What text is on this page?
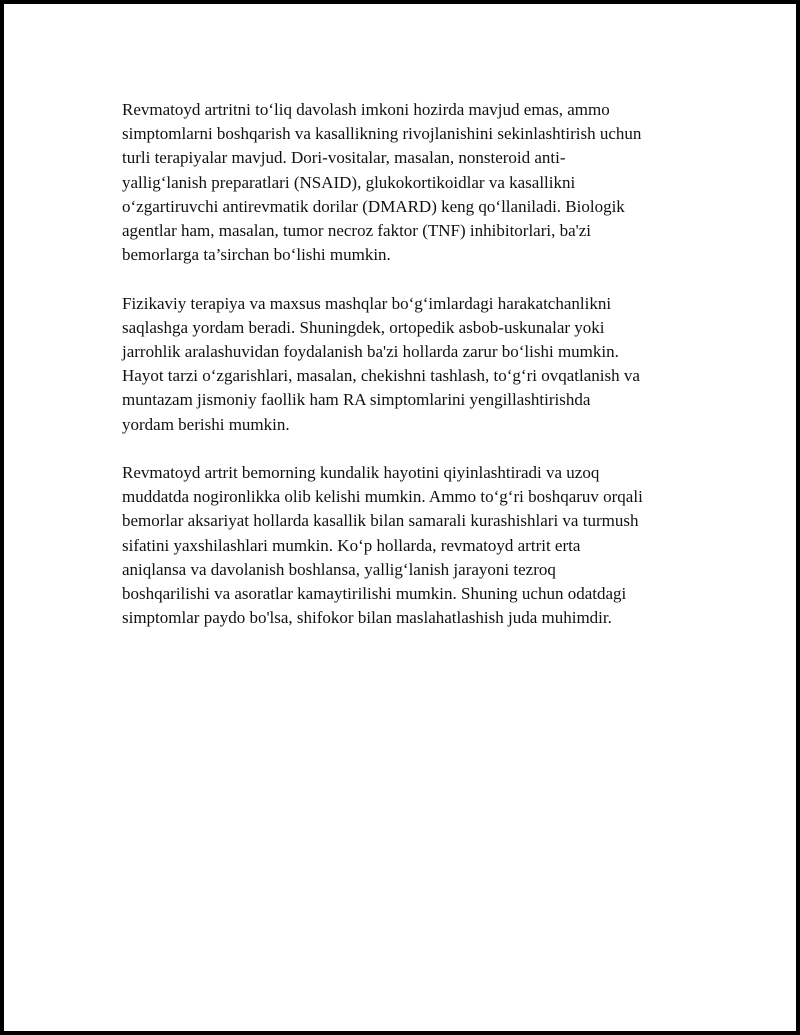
Revmatoyd artritni to‘liq davolash imkoni hozirda mavjud emas, ammo
simptomlarni boshqarish va kasallikning rivojlanishini sekinlashtirish uchun
turli terapiyalar mavjud. Dori-vositalar, masalan, nonsteroid anti-
yallig‘lanish preparatlari (NSAID), glukokortikoidlar va kasallikni
o‘zgartiruvchi antirevmatik dorilar (DMARD) keng qo‘llaniladi. Biologik
agentlar ham, masalan, tumor necroz faktor (TNF) inhibitorlari, ba'zi
bemorlarga ta’sirchan bo‘lishi mumkin.

Fizikaviy terapiya va maxsus mashqlar bo‘g‘imlardagi harakatchanlikni
saqlashga yordam beradi. Shuningdek, ortopedik asbob-uskunalar yoki
jarrohlik aralashuvidan foydalanish ba'zi hollarda zarur bo‘lishi mumkin.
Hayot tarzi o‘zgarishlari, masalan, chekishni tashlash, to‘g‘ri ovqatlanish va
muntazam jismoniy faollik ham RA simptomlarini yengillashtirishda
yordam berishi mumkin.

Revmatoyd artrit bemorning kundalik hayotini qiyinlashtiradi va uzoq
muddatda nogironlikka olib kelishi mumkin. Ammo to‘g‘ri boshqaruv orqali
bemorlar aksariyat hollarda kasallik bilan samarali kurashishlari va turmush
sifatini yaxshilashlari mumkin. Ko‘p hollarda, revmatoyd artrit erta
aniqlansa va davolanish boshlansa, yallig‘lanish jarayoni tezroq
boshqarilishi va asoratlar kamaytirilishi mumkin. Shuning uchun odatdagi
simptomlar paydo bo'lsa, shifokor bilan maslahatlashish juda muhimdir.
